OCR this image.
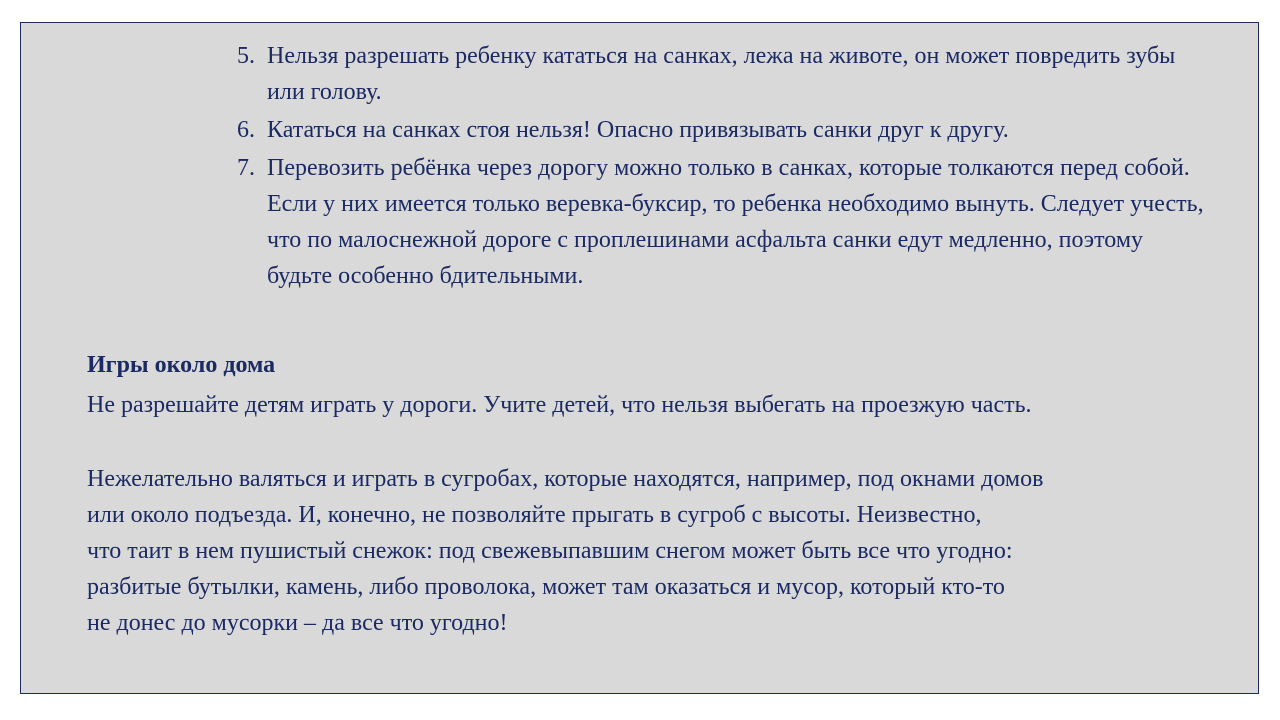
5. Нельзя разрешать ребенку кататься на санках, лежа на животе, он может повредить зубы или голову.
6. Кататься на санках стоя нельзя! Опасно привязывать санки друг к другу.
7. Перевозить ребёнка через дорогу можно только в санках, которые толкаются перед собой. Если у них имеется только веревка-буксир, то ребенка необходимо вынуть. Следует учесть, что по малоснежной дороге с проплешинами асфальта санки едут медленно, поэтому будьте особенно бдительными.
Игры около дома
Не разрешайте детям играть у дороги. Учите детей, что нельзя выбегать на проезжую часть.
Нежелательно валяться и играть в сугробах, которые находятся, например, под окнами домов
или около подъезда. И, конечно, не позволяйте прыгать в сугроб с высоты. Неизвестно,
что таит в нем пушистый снежок: под свежевыпавшим снегом может быть все что угодно:
разбитые бутылки, камень, либо проволока, может там оказаться и мусор, который кто-то
не донес до мусорки – да все что угодно!
